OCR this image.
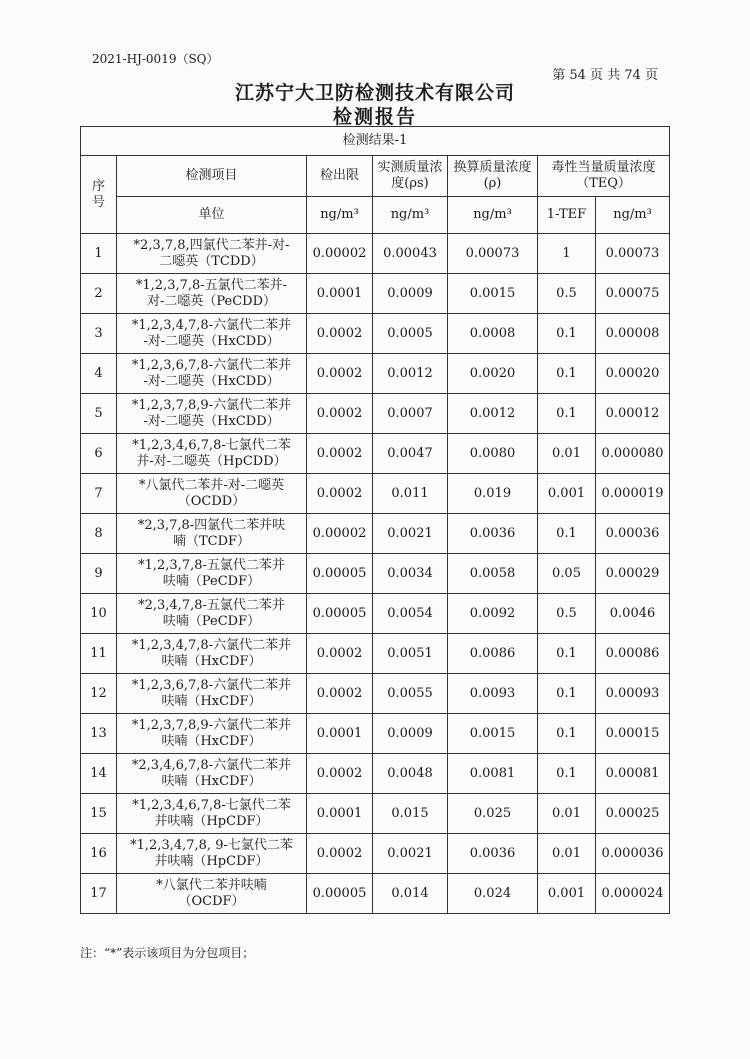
2021-HJ-0019（SQ）
第 54 页 共 74 页
江苏宁大卫防检测技术有限公司
检测报告
检测结果-1						
序号	检测项目	检出限	实测质量浓度(ρs)	换算质量浓度(ρ)	毒性当量质量浓度（TEQ）	
	单位	ng/m³	ng/m³	ng/m³	1-TEF	ng/m³
1	*2,3,7,8,四氯代二苯并-对-
二噁英（TCDD）	0.00002	0.00043	0.00073	1	0.00073
2	*1,2,3,7,8-五氯代二苯并-
对-二噁英（PeCDD）	0.0001	0.0009	0.0015	0.5	0.00075
3	*1,2,3,4,7,8-六氯代二苯并
-对-二噁英（HxCDD）	0.0002	0.0005	0.0008	0.1	0.00008
4	*1,2,3,6,7,8-六氯代二苯并
-对-二噁英（HxCDD）	0.0002	0.0012	0.0020	0.1	0.00020
5	*1,2,3,7,8,9-六氯代二苯并
-对-二噁英（HxCDD）	0.0002	0.0007	0.0012	0.1	0.00012
6	*1,2,3,4,6,7,8-七氯代二苯
并-对-二噁英（HpCDD）	0.0002	0.0047	0.0080	0.01	0.000080
7	*八氯代二苯并-对-二噁英
（OCDD）	0.0002	0.011	0.019	0.001	0.000019
8	*2,3,7,8-四氯代二苯并呋
喃（TCDF）	0.00002	0.0021	0.0036	0.1	0.00036
9	*1,2,3,7,8-五氯代二苯并
呋喃（PeCDF）	0.00005	0.0034	0.0058	0.05	0.00029
10	*2,3,4,7,8-五氯代二苯并
呋喃（PeCDF）	0.00005	0.0054	0.0092	0.5	0.0046
11	*1,2,3,4,7,8-六氯代二苯并
呋喃（HxCDF）	0.0002	0.0051	0.0086	0.1	0.00086
12	*1,2,3,6,7,8-六氯代二苯并
呋喃（HxCDF）	0.0002	0.0055	0.0093	0.1	0.00093
13	*1,2,3,7,8,9-六氯代二苯并
呋喃（HxCDF）	0.0001	0.0009	0.0015	0.1	0.00015
14	*2,3,4,6,7,8-六氯代二苯并
呋喃（HxCDF）	0.0002	0.0048	0.0081	0.1	0.00081
15	*1,2,3,4,6,7,8-七氯代二苯
并呋喃（HpCDF）	0.0001	0.015	0.025	0.01	0.00025
16	*1,2,3,4,7,8, 9-七氯代二苯
并呋喃（HpCDF）	0.0002	0.0021	0.0036	0.01	0.000036
17	*八氯代二苯并呋喃
（OCDF）	0.00005	0.014	0.024	0.001	0.000024
注：“*”表示该项目为分包项目；
